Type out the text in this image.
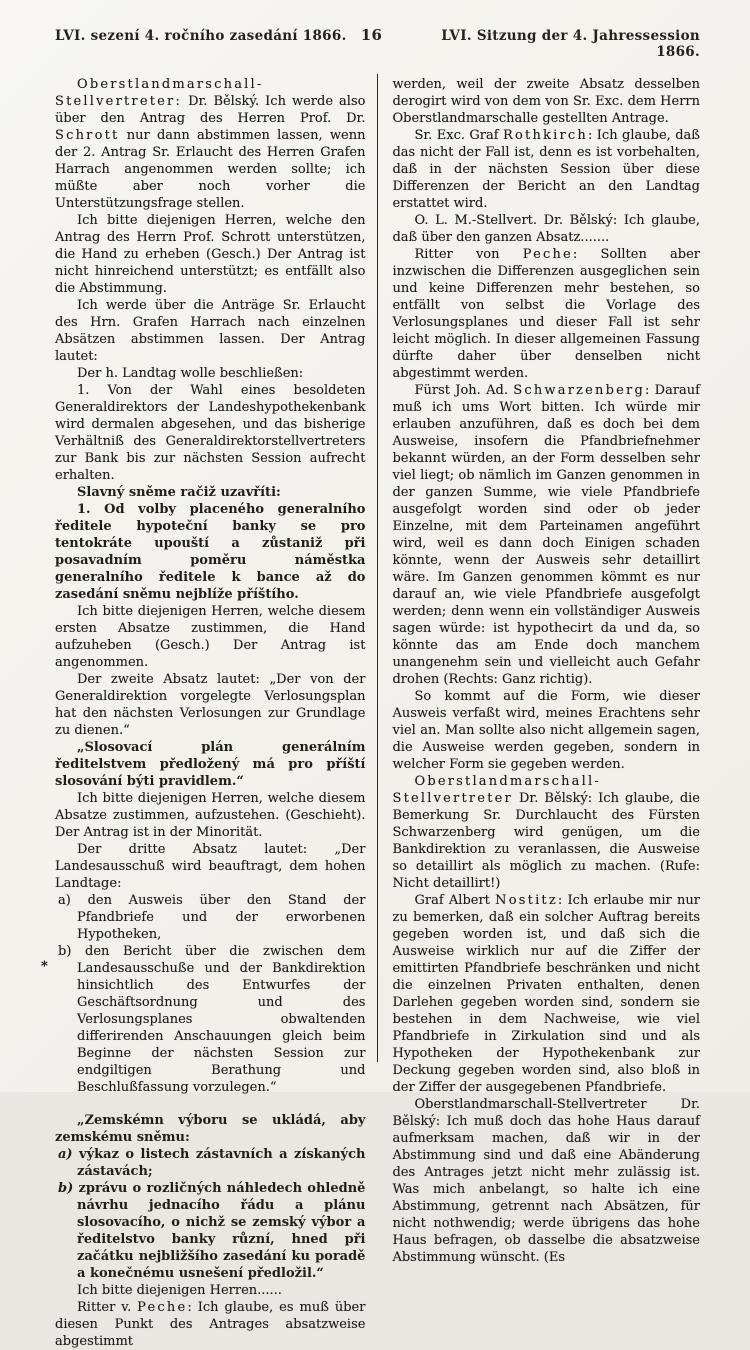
LVI. sezení 4. ročního zasedání 1866. 16	LVI. Sitzung der 4. Jahressession 1866.

Oberstlandmarschall-Stellvertreter: Dr. Bělský. Ich werde also über den Antrag des Herren Prof. Dr. Schrott nur dann abstimmen lassen, wenn der 2. Antrag Sr. Erlaucht des Herren Grafen Harrach angenommen werden sollte; ich müßte aber noch vorher die Unterstützungsfrage stellen.

Ich bitte diejenigen Herren, welche den Antrag des Herrn Prof. Schrott unterstützen, die Hand zu erheben (Gesch.) Der Antrag ist nicht hinreichend unterstützt; es entfällt also die Abstimmung.

Ich werde über die Anträge Sr. Erlaucht des Hrn. Grafen Harrach nach einzelnen Absätzen abstimmen lassen. Der Antrag lautet:

Der h. Landtag wolle beschließen:

1. Von der Wahl eines besoldeten Generaldirektors der Landeshypothekenbank wird dermalen abgesehen, und das bisherige Verhältniß des Generaldirektorstellvertreters zur Bank bis zur nächsten Session aufrecht erhalten.

Slavný sněme račiž uzavříti:

1. Od volby placeného generalního ředitele hypoteční banky se pro tentokráte upouští a zůstaniž při posavadním poměru náměstka generalního ředitele k bance až do zasedání sněmu nejblíže příštího.

Ich bitte diejenigen Herren, welche diesem ersten Absatze zustimmen, die Hand aufzuheben (Gesch.) Der Antrag ist angenommen.

Der zweite Absatz lautet: „Der von der Generaldirektion vorgelegte Verlosungsplan hat den nächsten Verlosungen zur Grundlage zu dienen.“

„Slosovací plán generálním ředitelstvem předložený má pro příští slosování býti pravidlem.“

Ich bitte diejenigen Herren, welche diesem Absatze zustimmen, aufzustehen. (Geschieht). Der Antrag ist in der Minorität.

Der dritte Absatz lautet: „Der Landesausschuß wird beauftragt, dem hohen Landtage:

a) den Ausweis über den Stand der Pfandbriefe und der erworbenen Hypotheken,

*
b) den Bericht über die zwischen dem Landesausschuße und der Bankdirektion hinsichtlich des Entwurfes der Geschäftsordnung und des Verlosungsplanes obwaltenden differirenden Anschauungen gleich beim Beginne der nächsten Session zur endgiltigen Berathung und Beschlußfassung vorzulegen.“

„Zemskémn výboru se ukládá, aby zemskému sněmu:

a) výkaz o listech zástavních a získaných zástavách;

b) zprávu o rozličných náhledech ohledně návrhu jednacího řádu a plánu slosovacího, o nichž se zemský výbor a ředitelstvo banky různí, hned při začátku nejbližšího zasedání ku poradě a konečnému usnešení předložil.“

Ich bitte diejenigen Herren......

Ritter v. Peche: Ich glaube, es muß über diesen Punkt des Antrages absatzweise abgestimmt

werden, weil der zweite Absatz desselben derogirt wird von dem von Sr. Exc. dem Herrn Oberstlandmarschalle gestellten Antrage.

Sr. Exc. Graf Rothkirch: Ich glaube, daß das nicht der Fall ist, denn es ist vorbehalten, daß in der nächsten Session über diese Differenzen der Bericht an den Landtag erstattet wird.

O. L. M.-Stellvert. Dr. Bělský: Ich glaube, daß über den ganzen Absatz.......

Ritter von Peche: Sollten aber inzwischen die Differenzen ausgeglichen sein und keine Differenzen mehr bestehen, so entfällt von selbst die Vorlage des Verlosungsplanes und dieser Fall ist sehr leicht möglich. In dieser allgemeinen Fassung dürfte daher über denselben nicht abgestimmt werden.

Fürst Joh. Ad. Schwarzenberg: Darauf muß ich ums Wort bitten. Ich würde mir erlauben anzuführen, daß es doch bei dem Ausweise, insofern die Pfandbriefnehmer bekannt würden, an der Form desselben sehr viel liegt; ob nämlich im Ganzen genommen in der ganzen Summe, wie viele Pfandbriefe ausgefolgt worden sind oder ob jeder Einzelne, mit dem Parteinamen angeführt wird, weil es dann doch Einigen schaden könnte, wenn der Ausweis sehr detaillirt wäre. Im Ganzen genommen kömmt es nur darauf an, wie viele Pfandbriefe ausgefolgt werden; denn wenn ein vollständiger Ausweis sagen würde: ist hypothecirt da und da, so könnte das am Ende doch manchem unangenehm sein und vielleicht auch Gefahr drohen (Rechts: Ganz richtig).

So kommt auf die Form, wie dieser Ausweis verfaßt wird, meines Erachtens sehr viel an. Man sollte also nicht allgemein sagen, die Ausweise werden gegeben, sondern in welcher Form sie gegeben werden.

Oberstlandmarschall-Stellvertreter Dr. Bělský: Ich glaube, die Bemerkung Sr. Durchlaucht des Fürsten Schwarzenberg wird genügen, um die Bankdirektion zu veranlassen, die Ausweise so detaillirt als möglich zu machen. (Rufe: Nicht detaillirt!)

Graf Albert Nostitz: Ich erlaube mir nur zu bemerken, daß ein solcher Auftrag bereits gegeben worden ist, und daß sich die Ausweise wirklich nur auf die Ziffer der emittirten Pfandbriefe beschränken und nicht die einzelnen Privaten enthalten, denen Darlehen gegeben worden sind, sondern sie bestehen in dem Nachweise, wie viel Pfandbriefe in Zirkulation sind und als Hypotheken der Hypothekenbank zur Deckung gegeben worden sind, also bloß in der Ziffer der ausgegebenen Pfandbriefe.

Oberstlandmarschall-Stellvertreter Dr. Bělský: Ich muß doch das hohe Haus darauf aufmerksam machen, daß wir in der Abstimmung sind und daß eine Abänderung des Antrages jetzt nicht mehr zulässig ist. Was mich anbelangt, so halte ich eine Abstimmung, getrennt nach Absätzen, für nicht nothwendig; werde übrigens das hohe Haus befragen, ob dasselbe die absatzweise Abstimmung wünscht. (Es
